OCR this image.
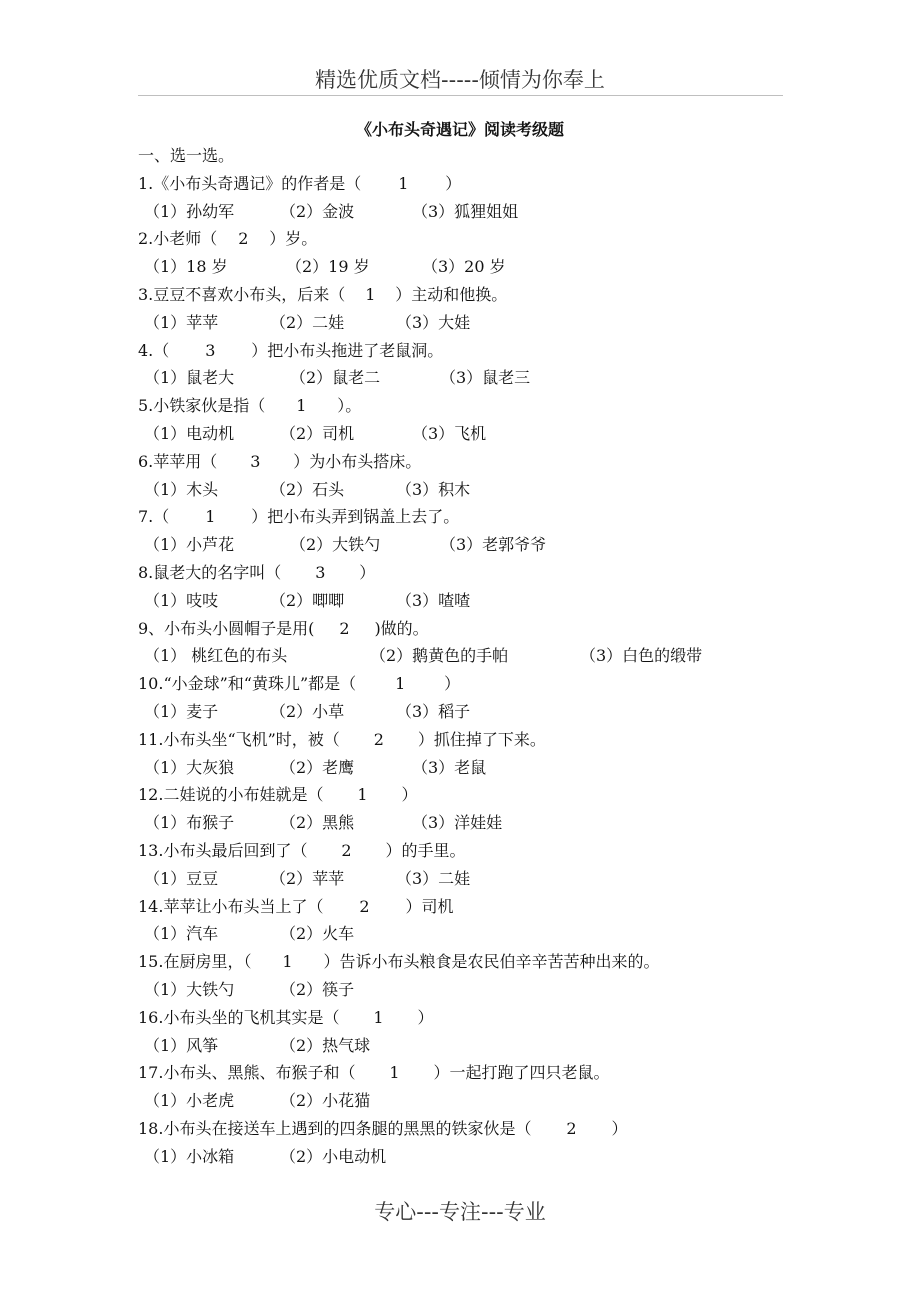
精选优质文档-----倾情为你奉上
《小布头奇遇记》阅读考级题
一、选一选。
1.《小布头奇遇记》的作者是（ 1 ）
（1）孙幼军	（2）金波	（3）狐狸姐姐
2.小老师（ 2 ）岁。
（1）18 岁	（2）19 岁	（3）20 岁
3.豆豆不喜欢小布头，后来（ 1 ）主动和他换。
（1）苹苹	（2）二娃	（3）大娃
4.（ 3 ）把小布头拖进了老鼠洞。
（1）鼠老大	（2）鼠老二	（3）鼠老三
5.小铁家伙是指（ 1 ）。
（1）电动机	（2）司机	（3）飞机
6.苹苹用（ 3 ）为小布头搭床。
（1）木头	（2）石头	（3）积木
7.（ 1 ）把小布头弄到锅盖上去了。
（1）小芦花	（2）大铁勺	（3）老郭爷爷
8.鼠老大的名字叫（ 3 ）
（1）吱吱	（2）唧唧	（3）喳喳
9、小布头小圆帽子是用( 2 )做的。
（1） 桃红色的布头	（2）鹅黄色的手帕	（3）白色的缎带
10.“小金球”和“黄珠儿”都是（ 1 ）
（1）麦子	（2）小草	（3）稻子
11.小布头坐“飞机”时，被（ 2 ）抓住掉了下来。
（1）大灰狼	（2）老鹰	（3）老鼠
12.二娃说的小布娃就是（ 1 ）
（1）布猴子	（2）黑熊	（3）洋娃娃
13.小布头最后回到了（ 2 ）的手里。
（1）豆豆	（2）苹苹	（3）二娃
14.苹苹让小布头当上了（ 2 ）司机
（1）汽车	（2）火车
15.在厨房里，（ 1 ）告诉小布头粮食是农民伯辛辛苦苦种出来的。
（1）大铁勺	（2）筷子
16.小布头坐的飞机其实是（ 1 ）
（1）风筝	（2）热气球
17.小布头、黑熊、布猴子和（ 1 ）一起打跑了四只老鼠。
（1）小老虎	（2）小花猫
18.小布头在接送车上遇到的四条腿的黑黑的铁家伙是（ 2 ）
（1）小冰箱	（2）小电动机
专心---专注---专业
